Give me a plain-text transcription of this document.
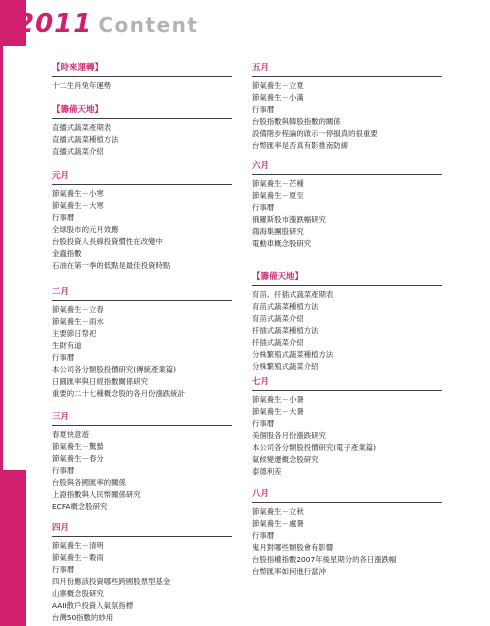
2011 Content
【時來運轉】
十二生肖兔年運勢
【籌備天地】
直播式蔬菜產期表
直播式蔬菜種植方法
直播式蔬菜介紹
元月
節氣養生－小寒
節氣養生－大寒
行事曆
全球股市的元月效應
台股投資人長線投資慣性在改變中
金蟲指數
石油在第一季的低點是最佳投資時點
二月
節氣養生－立春
節氣養生－雨水
主要節日祭祀
生財有道
行事曆
本公司各分類股投價研究(傳統產業篇)
日圓匯率與日經指數關係研究
重要的二十七種概念股的各月份漲跌統計
三月
春夏快意遊
節氣養生－驚蟄
節氣養生－春分
行事曆
台股與各國匯率的關係
上證指數與人民幣關係研究
ECFA概念股研究
四月
節氣養生－清明
節氣養生－穀雨
行事曆
四月份應該投資哪些跨國股票型基金
山寨概念股研究
AAII散戶投資人氣氛指標
台灣50指數的妙用
五月
節氣養生－立夏
節氣養生－小滿
行事曆
台股指數與韓股指數的關係
設備階步程論的啟示一停損真的很重要
台幣匯率是否真有影推南防線
六月
節氣養生－芒種
節氣養生－夏至
行事曆
俄羅斯股市漲跌幅研究
鴻海集團股研究
電動車概念股研究
【籌備天地】
育苗、扦插式蔬菜產期表
育苗式蔬菜種植方法
育苗式蔬菜介紹
扦插式蔬菜種植方法
扦插式蔬菜介紹
分株繁殖式蔬菜種植方法
分株繁殖式蔬菜介紹
七月
節氣養生－小暑
節氣養生－大暑
行事曆
美個股各月份漲跌研究
本公司各分類股投價研究(電子產業篇)
氣候變遷概念股研究
泰德利差
八月
節氣養生－立秋
節氣養生－處暑
行事曆
鬼月對哪些類股會有影響
台股指權指數2007年後星期分的各日漲跌幅
台幣匯率如何進行當沖
